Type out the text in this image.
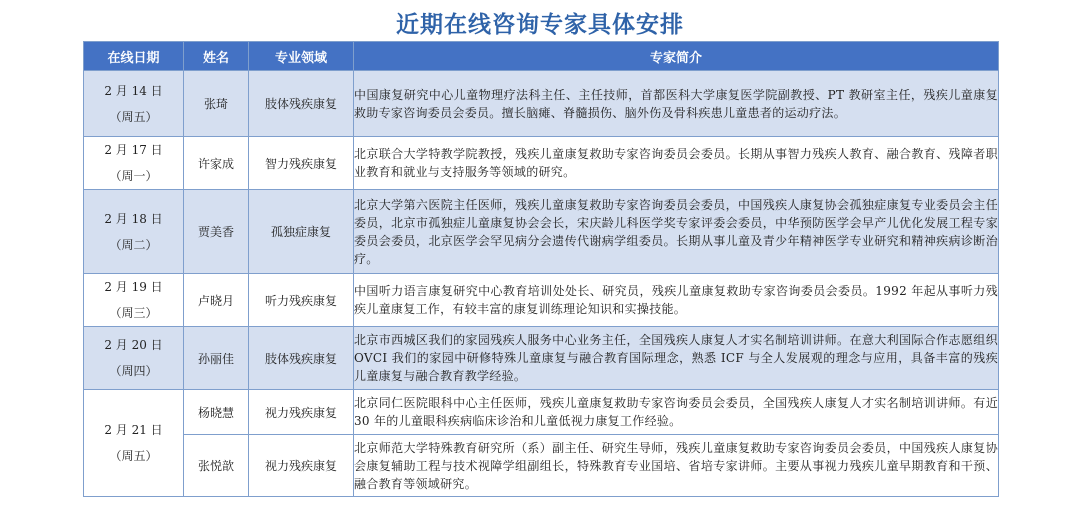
近期在线咨询专家具体安排
在线日期	姓名	专业领域	专家简介

2 月 14 日
（周五）	张琦	肢体残疾康复	中国康复研究中心儿童物理疗法科主任、主任技师，首都医科大学康复医学院副教授、PT 教研室主任，残疾儿童康复救助专家咨询委员会委员。擅长脑瘫、脊髓损伤、脑外伤及骨科疾患儿童患者的运动疗法。

2 月 17 日
（周一）	许家成	智力残疾康复	北京联合大学特教学院教授，残疾儿童康复救助专家咨询委员会委员。长期从事智力残疾人教育、融合教育、残障者职业教育和就业与支持服务等领域的研究。

2 月 18 日
（周二）	贾美香	孤独症康复	北京大学第六医院主任医师，残疾儿童康复救助专家咨询委员会委员，中国残疾人康复协会孤独症康复专业委员会主任委员，北京市孤独症儿童康复协会会长，宋庆龄儿科医学奖专家评委会委员，中华预防医学会早产儿优化发展工程专家委员会委员，北京医学会罕见病分会遗传代谢病学组委员。长期从事儿童及青少年精神医学专业研究和精神疾病诊断治疗。

2 月 19 日
（周三）	卢晓月	听力残疾康复	中国听力语言康复研究中心教育培训处处长、研究员，残疾儿童康复救助专家咨询委员会委员。1992 年起从事听力残疾儿童康复工作，有较丰富的康复训练理论知识和实操技能。

2 月 20 日
（周四）	孙丽佳	肢体残疾康复	北京市西城区我们的家园残疾人服务中心业务主任，全国残疾人康复人才实名制培训讲师。在意大利国际合作志愿组织 OVCI 我们的家园中研修特殊儿童康复与融合教育国际理念，熟悉 ICF 与全人发展观的理念与应用，具备丰富的残疾儿童康复与融合教育教学经验。

2 月 21 日
（周五）	杨晓慧	视力残疾康复	北京同仁医院眼科中心主任医师，残疾儿童康复救助专家咨询委员会委员，全国残疾人康复人才实名制培训讲师。有近 30 年的儿童眼科疾病临床诊治和儿童低视力康复工作经验。
	张悦歆	视力残疾康复	北京师范大学特殊教育研究所（系）副主任、研究生导师，残疾儿童康复救助专家咨询委员会委员，中国残疾人康复协会康复辅助工程与技术视障学组副组长，特殊教育专业国培、省培专家讲师。主要从事视力残疾儿童早期教育和干预、融合教育等领域研究。
